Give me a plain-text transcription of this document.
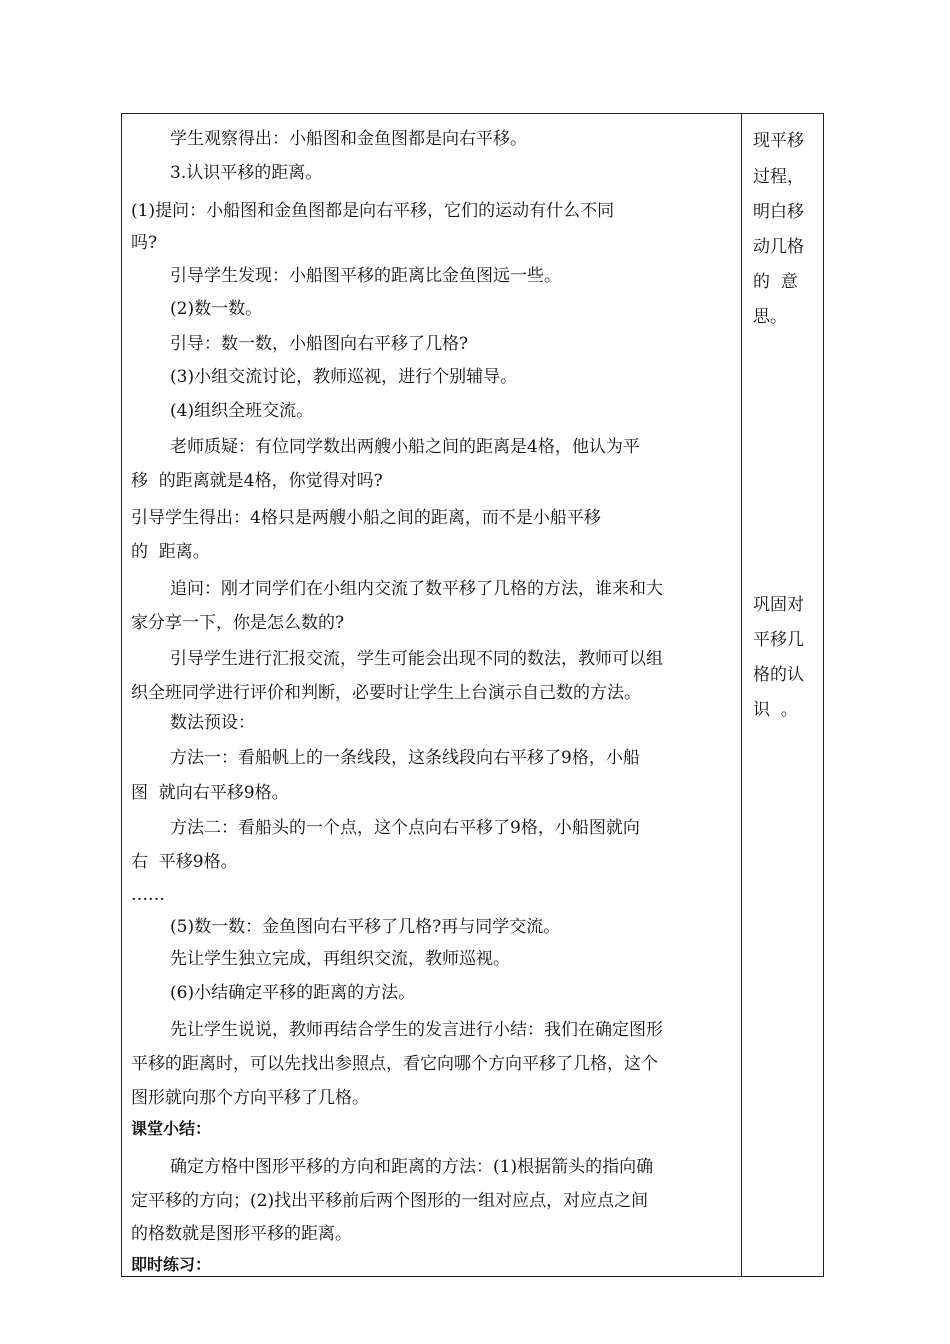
学生观察得出：小船图和金鱼图都是向右平移。
3.认识平移的距离。
(1)提问：小船图和金鱼图都是向右平移，它们的运动有什么不同
吗?
引导学生发现：小船图平移的距离比金鱼图远一些。
(2)数一数。
引导：数一数，小船图向右平移了几格?
(3)小组交流讨论，教师巡视，进行个别辅导。
(4)组织全班交流。
老师质疑：有位同学数出两艘小船之间的距离是4格，他认为平
移  的距离就是4格，你觉得对吗?
引导学生得出：4格只是两艘小船之间的距离，而不是小船平移
的  距离。
追问：刚才同学们在小组内交流了数平移了几格的方法，谁来和大
家分享一下，你是怎么数的?
引导学生进行汇报交流，学生可能会出现不同的数法，教师可以组
织全班同学进行评价和判断，必要时让学生上台演示自己数的方法。
数法预设：
方法一：看船帆上的一条线段，这条线段向右平移了9格，小船
图  就向右平移9格。
方法二：看船头的一个点，这个点向右平移了9格，小船图就向
右  平移9格。
……
(5)数一数：金鱼图向右平移了几格?再与同学交流。
先让学生独立完成，再组织交流，教师巡视。
(6)小结确定平移的距离的方法。
先让学生说说，教师再结合学生的发言进行小结：我们在确定图形
平移的距离时，可以先找出参照点，看它向哪个方向平移了几格，这个
图形就向那个方向平移了几格。
课堂小结：
确定方格中图形平移的方向和距离的方法：(1)根据箭头的指向确
定平移的方向；(2)找出平移前后两个图形的一组对应点，对应点之间
的格数就是图形平移的距离。
即时练习：
现平移
过程，
明白移
动几格
的  意
思。
巩固对
平移几
格的认
识  。
